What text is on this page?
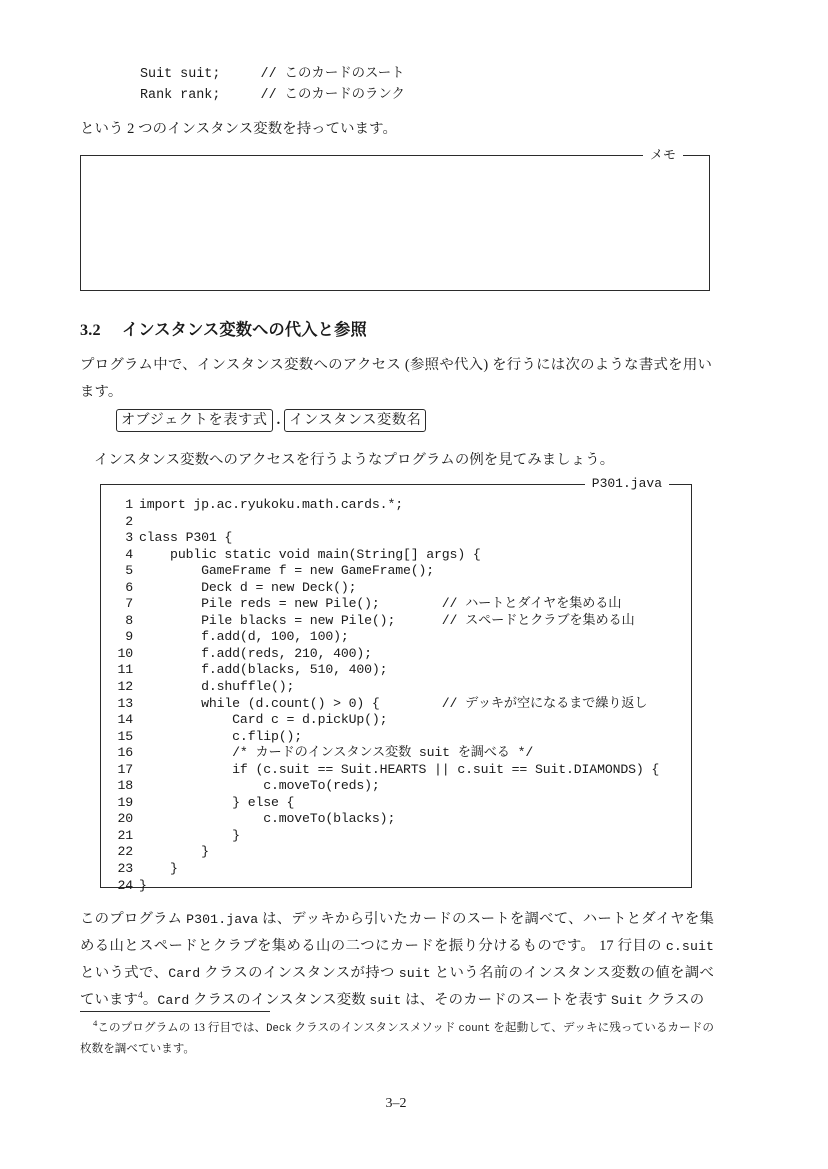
Suit suit;     // このカードのスート
Rank rank;     // このカードのランク
という 2 つのインスタンス変数を持っています。
メモ
3.2 インスタンス変数への代入と参照
プログラム中で、インスタンス変数へのアクセス (参照や代入) を行うには次のような書式を用います。
オブジェクトを表す式 . インスタンス変数名
インスタンス変数へのアクセスを行うようなプログラムの例を見てみましょう。
P301.java
1 import jp.ac.ryukoku.math.cards.*;
2
3 class P301 {
4    public static void main(String[] args) {
5        GameFrame f = new GameFrame();
6        Deck d = new Deck();
7        Pile reds = new Pile();        // ハートとダイヤを集める山
8        Pile blacks = new Pile();      // スペードとクラブを集める山
9        f.add(d, 100, 100);
10        f.add(reds, 210, 400);
11        f.add(blacks, 510, 400);
12        d.shuffle();
13        while (d.count() > 0) {        // デッキが空になるまで繰り返し
14            Card c = d.pickUp();
15            c.flip();
16            /* カードのインスタンス変数 suit を調べる */
17            if (c.suit == Suit.HEARTS || c.suit == Suit.DIAMONDS) {
18                c.moveTo(reds);
19            } else {
20                c.moveTo(blacks);
21            }
22        }
23    }
24 }
このプログラム P301.java は、デッキから引いたカードのスートを調べて、ハートとダイヤを集める山とスペードとクラブを集める山の二つにカードを振り分けるものです。 17 行目の c.suit という式で、Card クラスのインスタンスが持つ suit という名前のインスタンス変数の値を調べています$^4$。Card クラスのインスタンス変数 suit は、そのカードのスートを表す Suit クラスの
$^4$このプログラムの 13 行目では、Deck クラスのインスタンスメソッド count を起動して、デッキに残っているカードの枚数を調べています。
3–2
